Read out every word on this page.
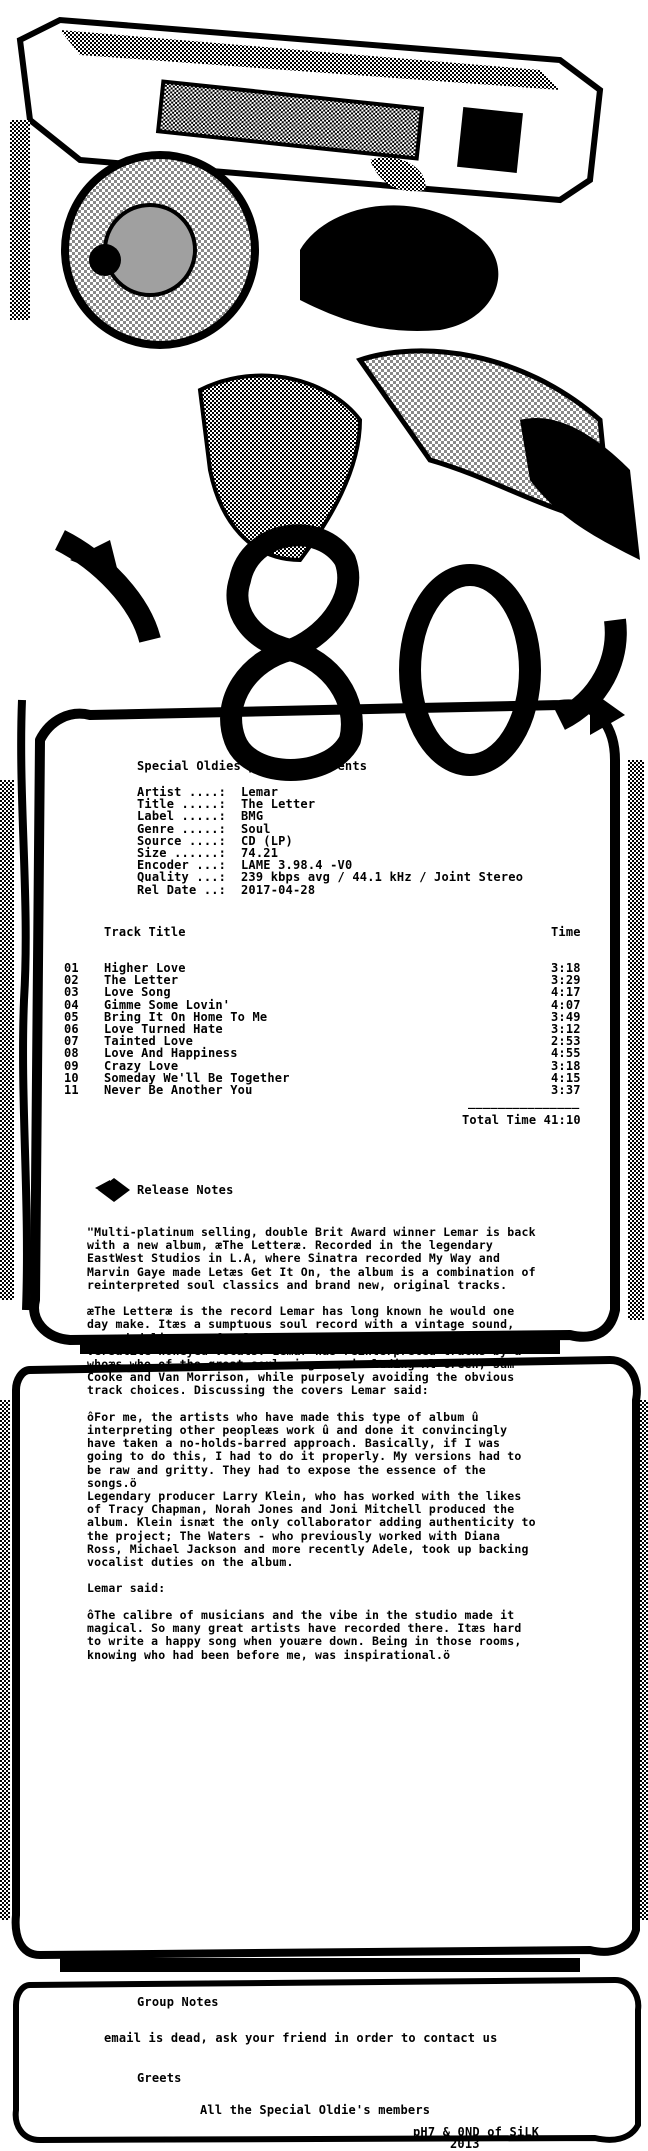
Special Oldies proudly presents
Artist ....: Lemar
Title .....: The Letter
Label .....: BMG
Genre .....: Soul
Source ....: CD (LP)
Size ......: 74.21
Encoder ...: LAME 3.98.4 -V0
Quality ...: 239 kbps avg / 44.1 kHz / Joint Stereo
Rel Date ..: 2017-04-28
Track Title	Time
01 Higher Love	3:18
02 The Letter	3:29
03 Love Song	4:17
04 Gimme Some Lovin'	4:07
05 Bring It On Home To Me	3:49
06 Love Turned Hate	3:12
07 Tainted Love	2:53
08 Love And Happiness	4:55
09 Crazy Love	3:18
10 Someday We'll Be Together	4:15
11 Never Be Another You	3:37
_______________
Total Time 41:10
Release Notes
"Multi-platinum selling, double Brit Award winner Lemar is back
with a new album, æThe Letteræ. Recorded in the legendary
EastWest Studios in L.A, where Sinatra recorded My Way and
Marvin Gaye made Letæs Get It On, the album is a combination of
reinterpreted soul classics and brand new, original tracks.

æThe Letteræ is the record Lemar has long known he would one
day make. Itæs a sumptuous soul record with a vintage sound,
recorded live, perfectly showcasing his distinctive and
versatile honeyed vocals. Lemar has reinterpreted tracks by a
whoæs who of the great soul singers, including Al Green, Sam
Cooke and Van Morrison, while purposely avoiding the obvious
track choices. Discussing the covers Lemar said:

ôFor me, the artists who have made this type of album û
interpreting other peopleæs work û and done it convincingly
have taken a no-holds-barred approach. Basically, if I was
going to do this, I had to do it properly. My versions had to
be raw and gritty. They had to expose the essence of the
songs.ö
Legendary producer Larry Klein, who has worked with the likes
of Tracy Chapman, Norah Jones and Joni Mitchell produced the
album. Klein isnæt the only collaborator adding authenticity to
the project; The Waters - who previously worked with Diana
Ross, Michael Jackson and more recently Adele, took up backing
vocalist duties on the album.

Lemar said:

ôThe calibre of musicians and the vibe in the studio made it
magical. So many great artists have recorded there. Itæs hard
to write a happy song when youære down. Being in those rooms,
knowing who had been before me, was inspirational.ö
Group Notes
email is dead, ask your friend in order to contact us
Greets
All the Special Oldie's members
pH7 & 0ND of SiLK
2013
